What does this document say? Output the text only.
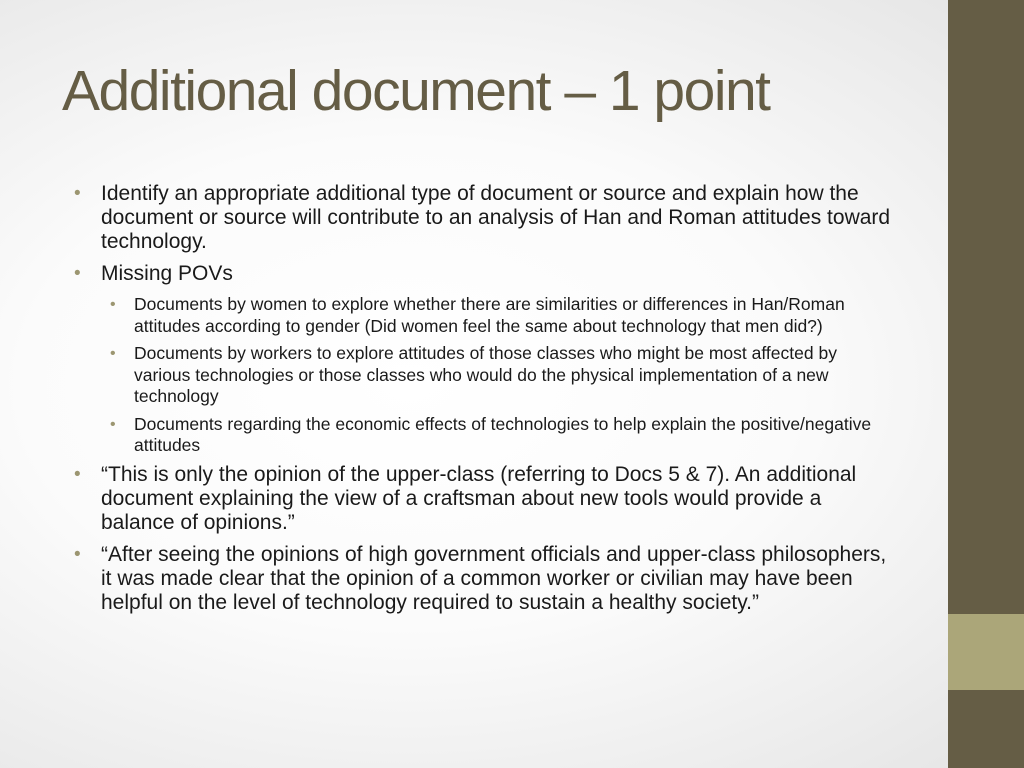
Additional document – 1 point
• Identify an appropriate additional type of document or source and explain how the document or source will contribute to an analysis of Han and Roman attitudes toward technology.
• Missing POVs
• Documents by women to explore whether there are similarities or differences in Han/Roman attitudes according to gender (Did women feel the same about technology that men did?)
• Documents by workers to explore attitudes of those classes who might be most affected by various technologies or those classes who would do the physical implementation of a new technology
• Documents regarding the economic effects of technologies to help explain the positive/negative attitudes
• “This is only the opinion of the upper-class (referring to Docs 5 & 7). An additional document explaining the view of a craftsman about new tools would provide a balance of opinions.”
• “After seeing the opinions of high government officials and upper-class philosophers, it was made clear that the opinion of a common worker or civilian may have been helpful on the level of technology required to sustain a healthy society.”
